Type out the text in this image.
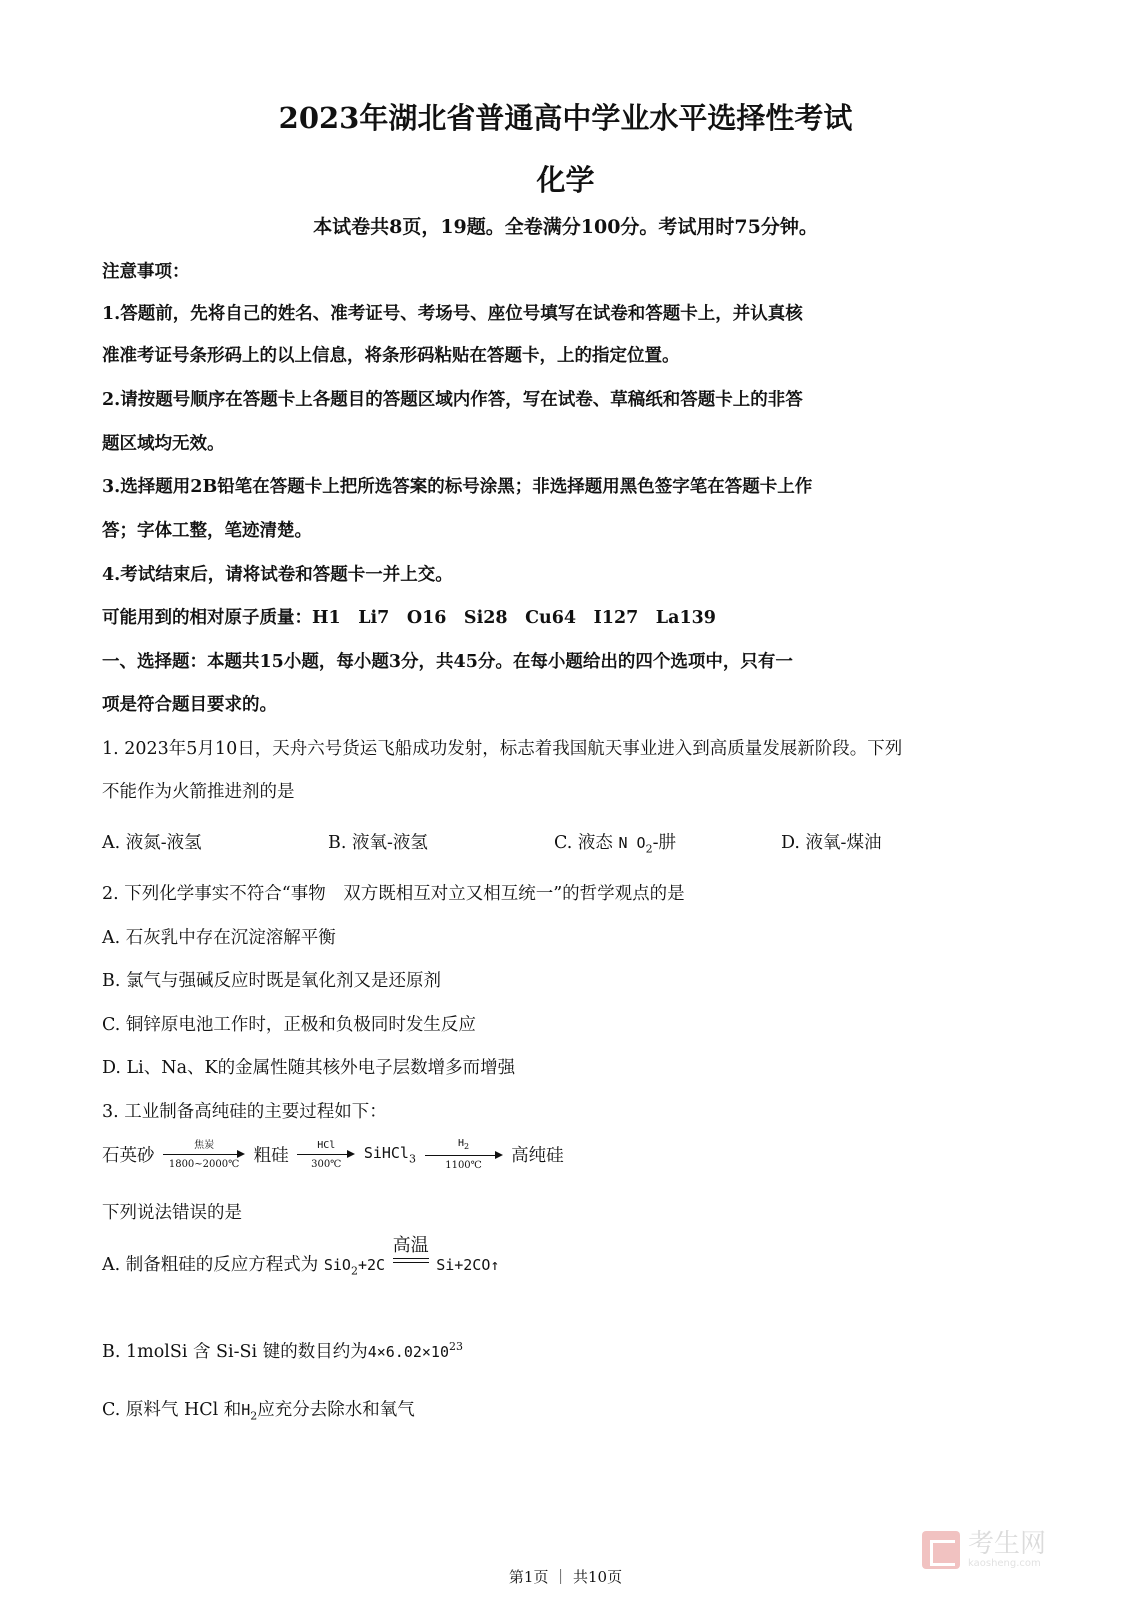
2023年湖北省普通高中学业水平选择性考试
化学
本试卷共8页，19题。全卷满分100分。考试用时75分钟。
注意事项：
1.答题前，先将自己的姓名、准考证号、考场号、座位号填写在试卷和答题卡上，并认真核
准准考证号条形码上的以上信息，将条形码粘贴在答题卡，上的指定位置。
2.请按题号顺序在答题卡上各题目的答题区域内作答，写在试卷、草稿纸和答题卡上的非答
题区域均无效。
3.选择题用2B铅笔在答题卡上把所选答案的标号涂黑；非选择题用黑色签字笔在答题卡上作
答；字体工整，笔迹清楚。
4.考试结束后，请将试卷和答题卡一并上交。
可能用到的相对原子质量：H1　Li7　O16　Si28　Cu64　I127　La139
一、选择题：本题共15小题，每小题3分，共45分。在每小题给出的四个选项中，只有一
项是符合题目要求的。
1. 2023年5月10日，天舟六号货运飞船成功发射，标志着我国航天事业进入到高质量发展新阶段。下列
不能作为火箭推进剂的是
A. 液氮-液氢	B. 液氧-液氢	C. 液态 N $O_2-$肼	D. 液氧-煤油
2. 下列化学事实不符合“事物　双方既相互对立又相互统一”的哲学观点的是
A. 石灰乳中存在沉淀溶解平衡
B. 氯气与强碱反应时既是氧化剂又是还原剂
C. 铜锌原电池工作时，正极和负极同时发生反应
D. Li、Na、K的金属性随其核外电子层数增多而增强
3. 工业制备高纯硅的主要过程如下：
石英砂
焦炭
1800~2000℃ 粗硅
HCl
300℃
SiHCl$_3$
$H_2$
1100℃	高纯硅
下列说法错误的是
A. 制备粗硅的反应方程式为 SiO$_2$+2C
高温
Si+2CO↑
B. 1molSi 含 Si-Si 键的数目约为$4\times 6.02\times 10^{23}$
C. 原料气 HCl 和$H_2$应充分去除水和氧气
考生网
kaosheng.com
第1页 ｜ 共10页
